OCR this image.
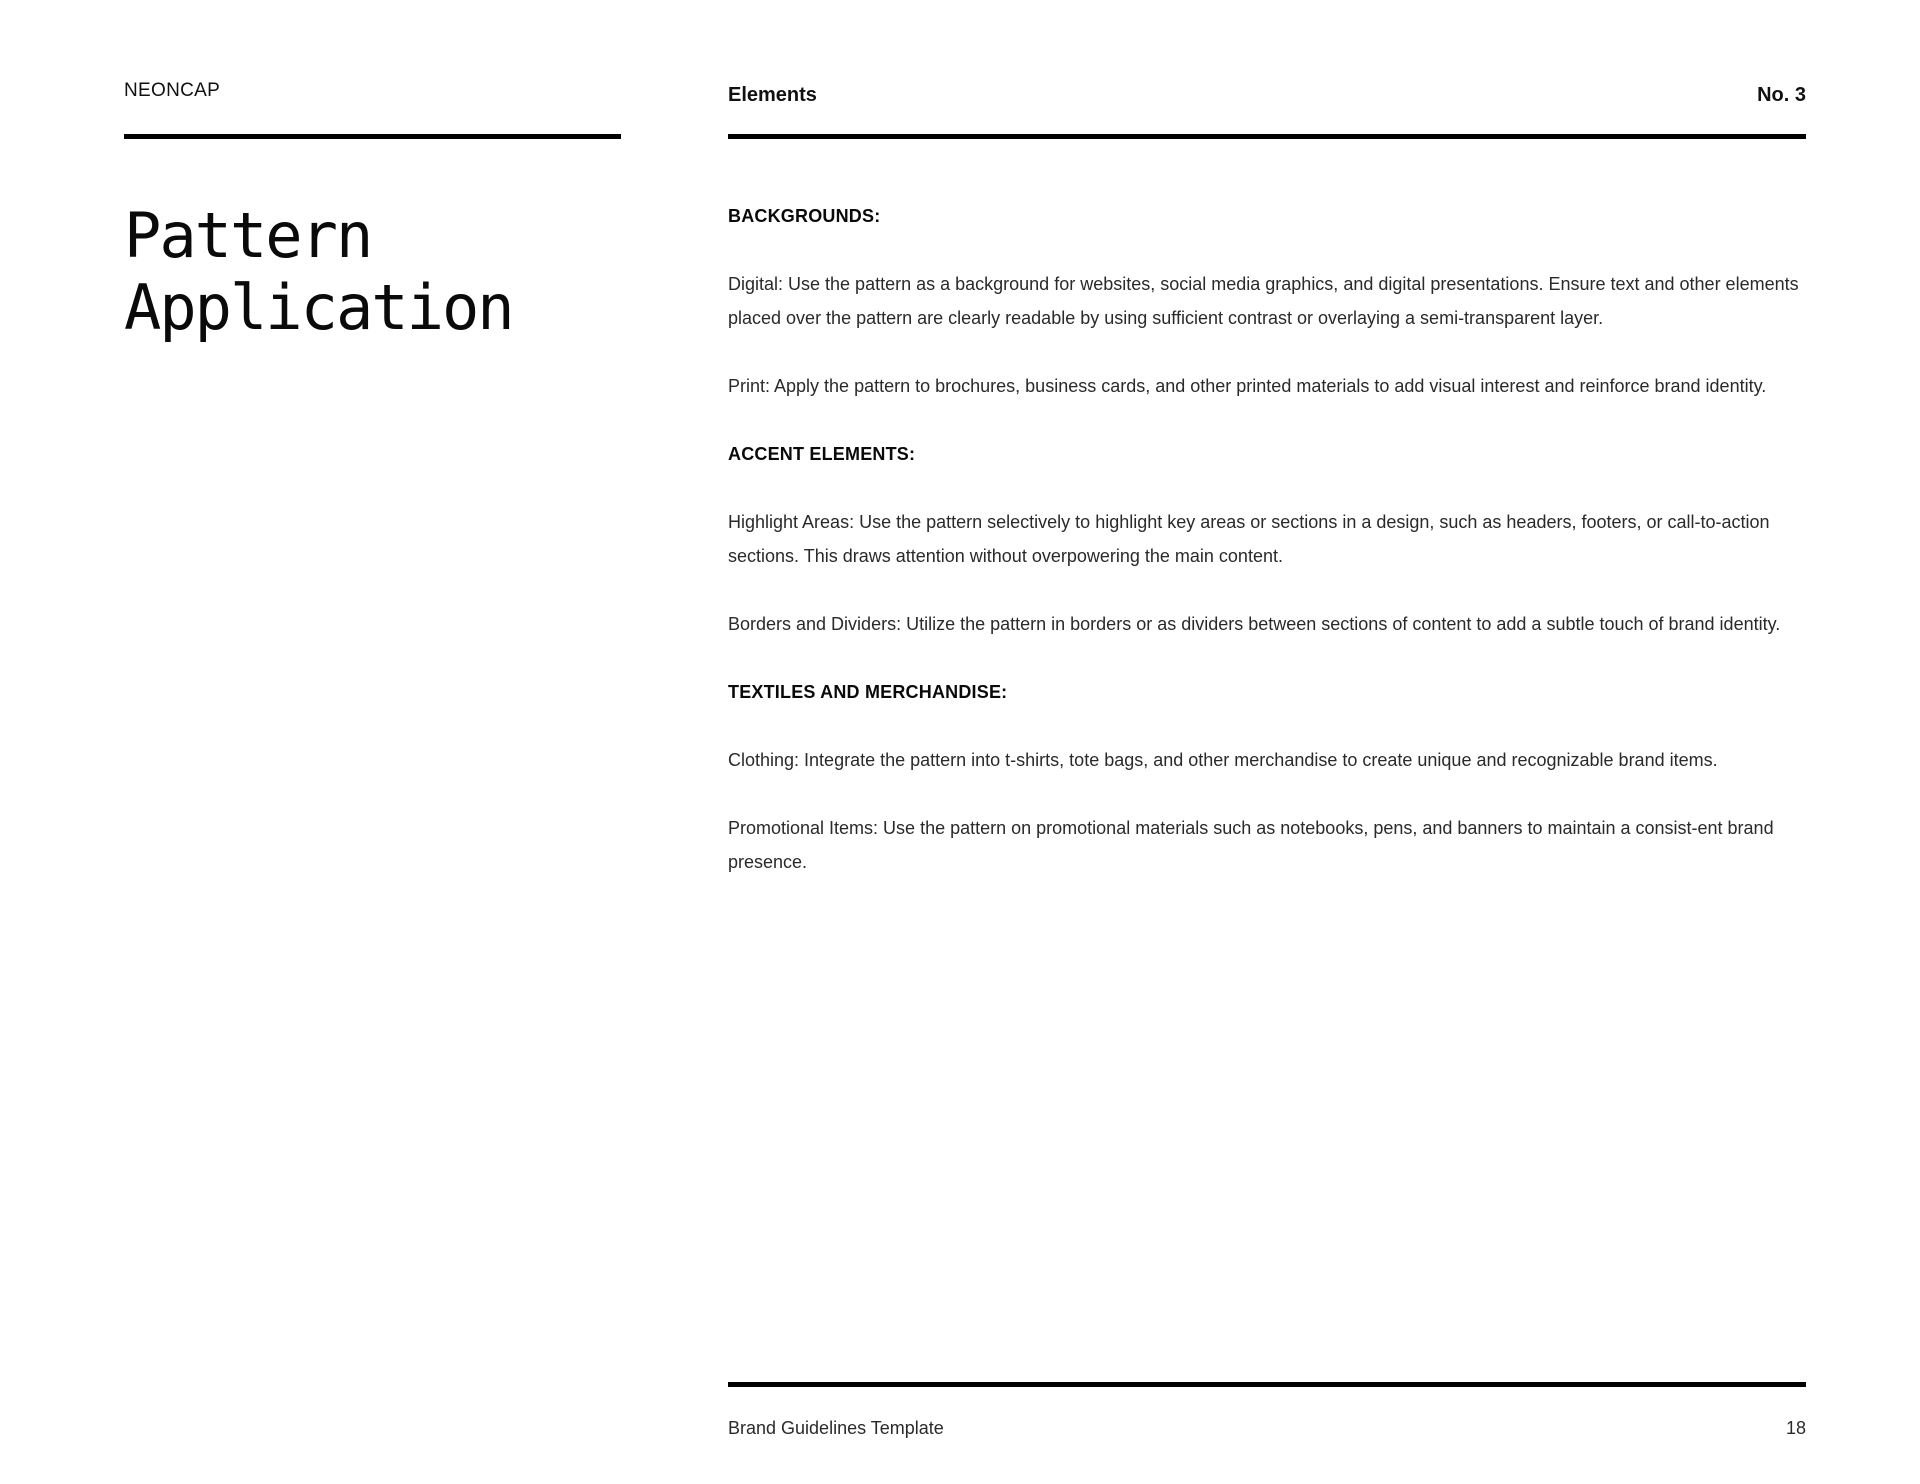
NEONCAP

Pattern
Application

Elements	No. 3

BACKGROUNDS:

Digital: Use the pattern as a background for websites, social media graphics, and digital presentations. Ensure text and other elements placed over the pattern are clearly readable by using sufficient contrast or overlaying a semi-transparent layer.

Print: Apply the pattern to brochures, business cards, and other printed materials to add visual interest and reinforce brand identity.

ACCENT ELEMENTS:

Highlight Areas: Use the pattern selectively to highlight key areas or sections in a design, such as headers, footers, or call-to-action sections. This draws attention without overpowering the main content.

Borders and Dividers: Utilize the pattern in borders or as dividers between sections of content to add a subtle touch of brand identity.

TEXTILES AND MERCHANDISE:

Clothing: Integrate the pattern into t-shirts, tote bags, and other merchandise to create unique and recognizable brand items.

Promotional Items: Use the pattern on promotional materials such as notebooks, pens, and banners to maintain a consist-ent brand presence.

Brand Guidelines Template	18
